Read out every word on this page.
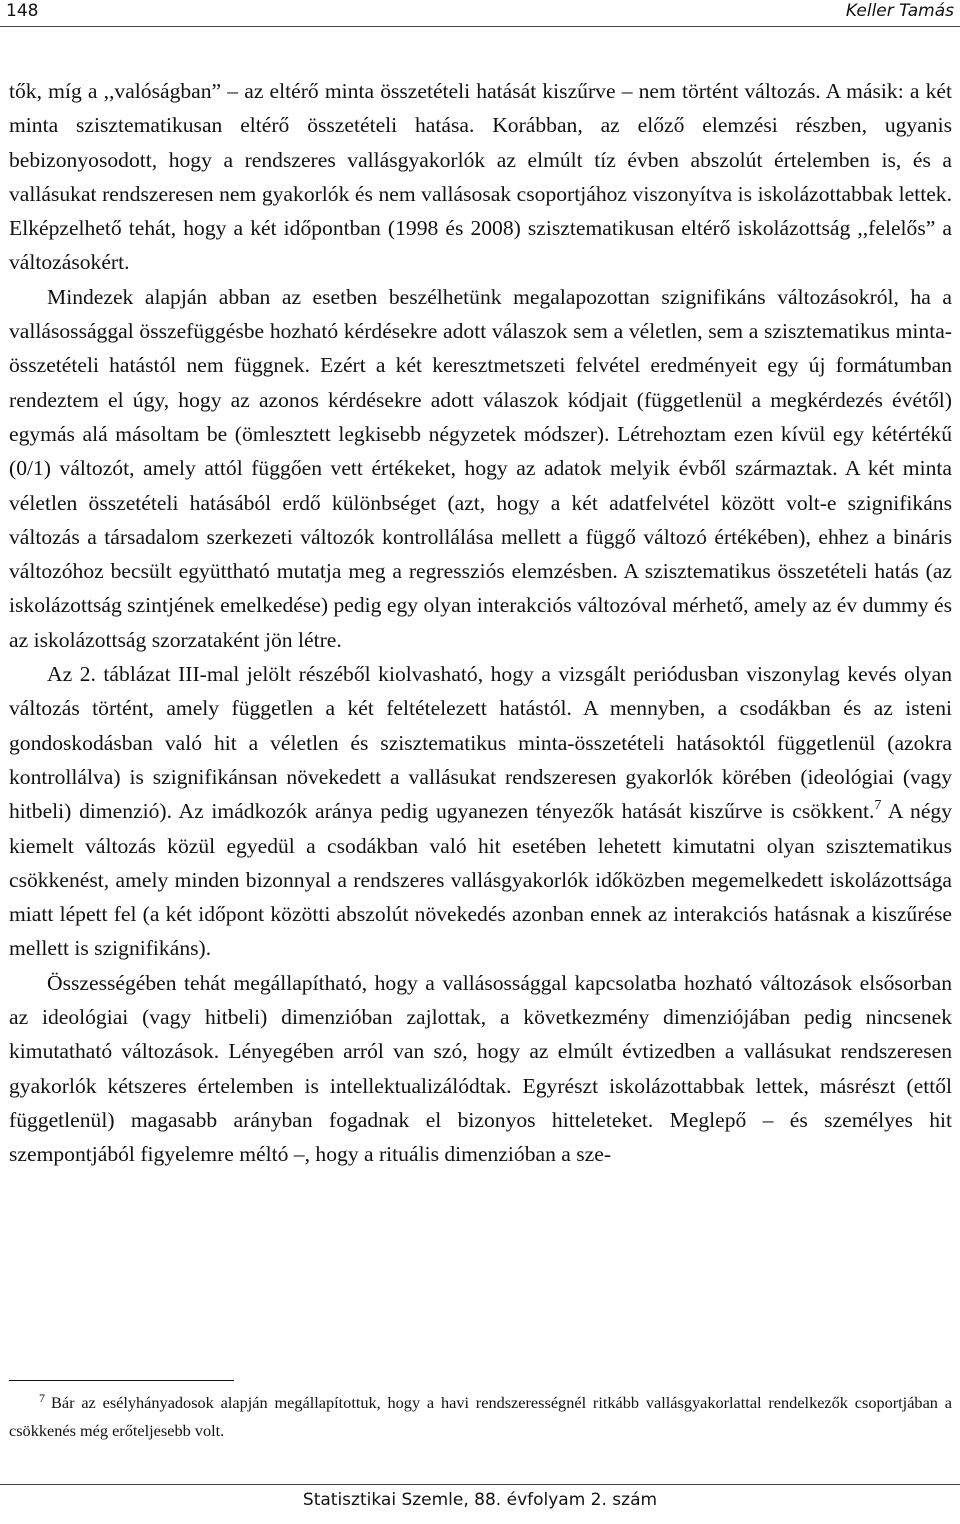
148	Keller Tamás

tők, míg a ,,valóságban” – az eltérő minta összetételi hatását kiszűrve – nem történt változás. A másik: a két minta szisztematikusan eltérő összetételi hatása. Korábban, az előző elemzési részben, ugyanis bebizonyosodott, hogy a rendszeres vallásgyakorlók az elmúlt tíz évben abszolút értelemben is, és a vallásukat rendszeresen nem gyakorlók és nem vallásosak csoportjához viszonyítva is iskolázottabbak lettek. Elképzelhető tehát, hogy a két időpontban (1998 és 2008) szisztematikusan eltérő iskolázottság ,,felelős” a változásokért.

Mindezek alapján abban az esetben beszélhetünk megalapozottan szignifikáns változásokról, ha a vallásossággal összefüggésbe hozható kérdésekre adott válaszok sem a véletlen, sem a szisztematikus minta-összetételi hatástól nem függnek. Ezért a két keresztmetszeti felvétel eredményeit egy új formátumban rendeztem el úgy, hogy az azonos kérdésekre adott válaszok kódjait (függetlenül a megkérdezés évétől) egymás alá másoltam be (ömlesztett legkisebb négyzetek módszer). Létrehoztam ezen kívül egy kétértékű (0/1) változót, amely attól függően vett értékeket, hogy az adatok melyik évből származtak. A két minta véletlen összetételi hatásából erdő különbséget (azt, hogy a két adatfelvétel között volt-e szignifikáns változás a társadalom szerkezeti változók kontrollálása mellett a függő változó értékében), ehhez a bináris változóhoz becsült együttható mutatja meg a regressziós elemzésben. A szisztematikus összetételi hatás (az iskolázottság szintjének emelkedése) pedig egy olyan interakciós változóval mérhető, amely az év dummy és az iskolázottság szorzataként jön létre.

Az 2. táblázat III-mal jelölt részéből kiolvasható, hogy a vizsgált periódusban viszonylag kevés olyan változás történt, amely független a két feltételezett hatástól. A mennyben, a csodákban és az isteni gondoskodásban való hit a véletlen és szisztematikus minta-összetételi hatásoktól függetlenül (azokra kontrollálva) is szignifikánsan növekedett a vallásukat rendszeresen gyakorlók körében (ideológiai (vagy hitbeli) dimenzió). Az imádkozók aránya pedig ugyanezen tényezők hatását kiszűrve is csökkent.$^7$ A négy kiemelt változás közül egyedül a csodákban való hit esetében lehetett kimutatni olyan szisztematikus csökkenést, amely minden bizonnyal a rendszeres vallásgyakorlók időközben megemelkedett iskolázottsága miatt lépett fel (a két időpont közötti abszolút növekedés azonban ennek az interakciós hatásnak a kiszűrése mellett is szignifikáns).

Összességében tehát megállapítható, hogy a vallásossággal kapcsolatba hozható változások elsősorban az ideológiai (vagy hitbeli) dimenzióban zajlottak, a következmény dimenziójában pedig nincsenek kimutatható változások. Lényegében arról van szó, hogy az elmúlt évtizedben a vallásukat rendszeresen gyakorlók kétszeres értelemben is intellektualizálódtak. Egyrészt iskolázottabbak lettek, másrészt (ettől függetlenül) magasabb arányban fogadnak el bizonyos hitteleteket. Meglepő – és személyes hit szempontjából figyelemre méltó –, hogy a rituális dimenzióban a sze-

$^7$ Bár az esélyhányadosok alapján megállapítottuk, hogy a havi rendszerességnél ritkább vallásgyakorlattal rendelkezők csoportjában a csökkenés még erőteljesebb volt.
Statisztikai Szemle, 88. évfolyam 2. szám
